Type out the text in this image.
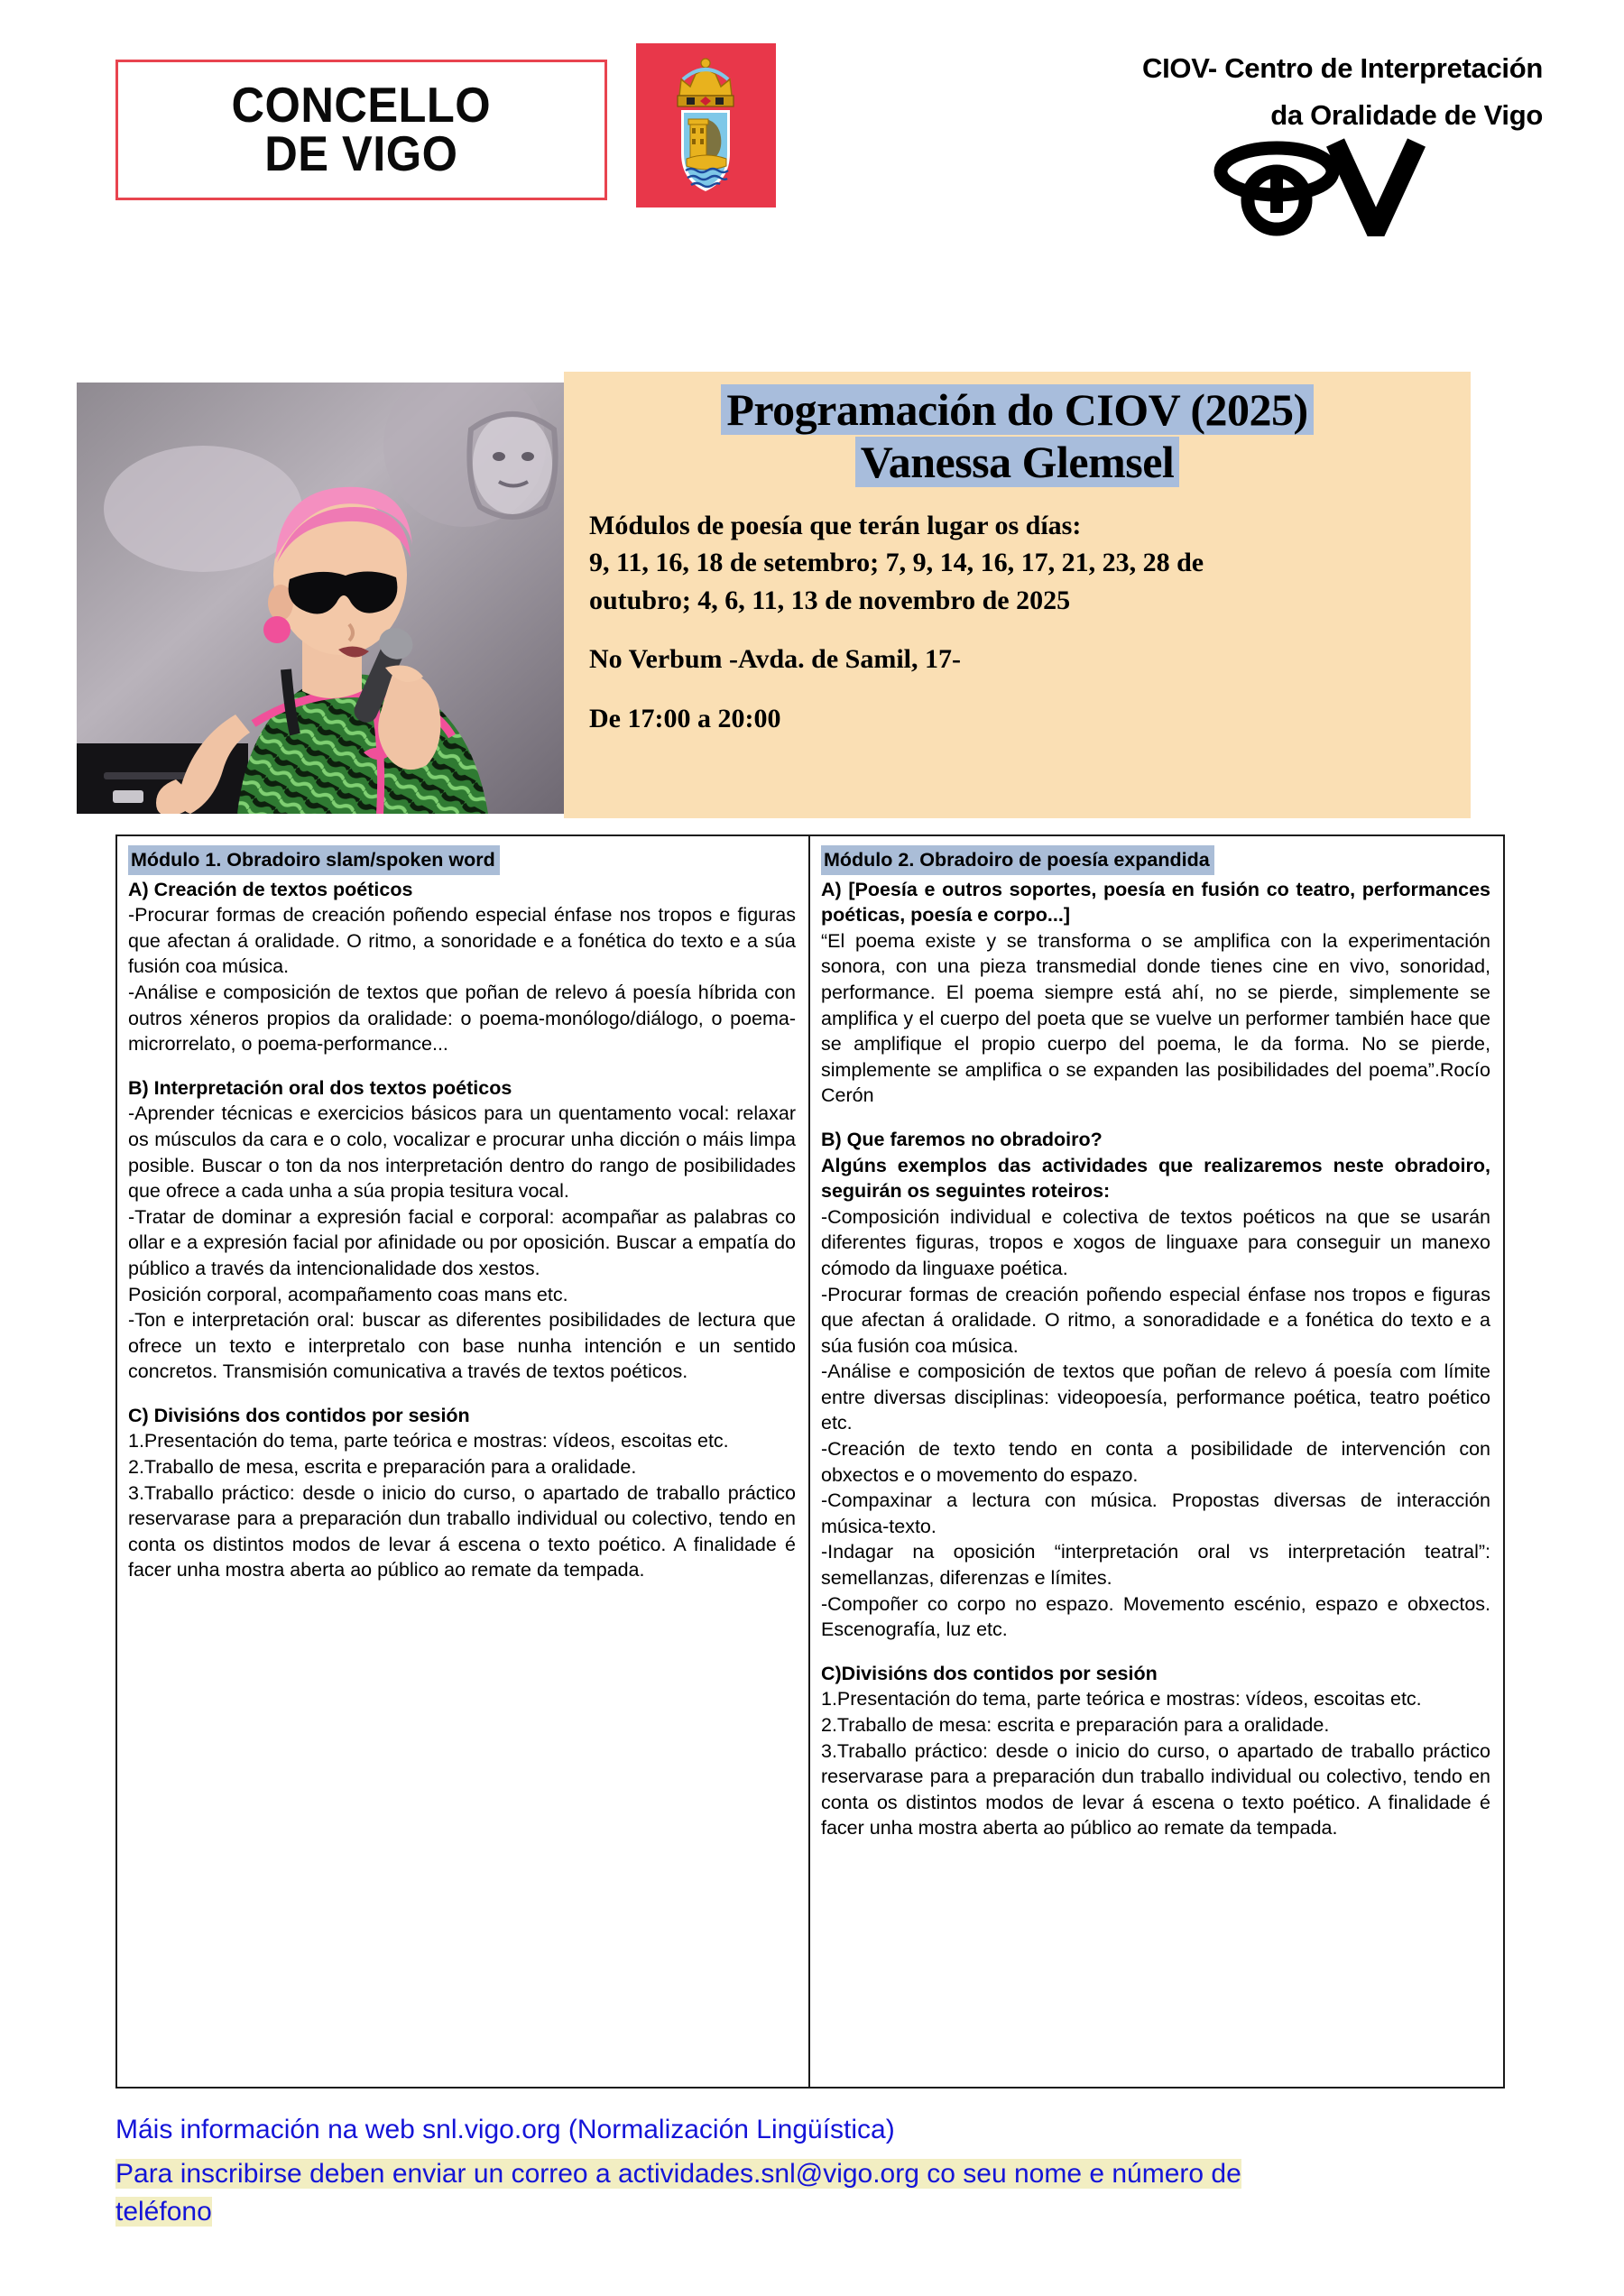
CONCELLO
DE VIGO
CIOV- Centro de Interpretación
da Oralidade de Vigo
Programación do CIOV (2025)
Vanessa Glemsel

Módulos de poesía que terán lugar os días:

9, 11, 16, 18 de setembro; 7, 9, 14, 16, 17, 21, 23, 28 de

outubro; 4, 6, 11, 13 de novembro de 2025

No Verbum -Avda. de Samil, 17-

De 17:00 a 20:00

Módulo 1. Obradoiro slam/spoken word

A) Creación de textos poéticos

-Procurar formas de creación poñendo especial énfase nos tropos e figuras que afectan á oralidade. O ritmo, a sonoridade e a fonética do texto e a súa fusión coa música.

-Análise e composición de textos que poñan de relevo á poesía híbrida con outros xéneros propios da oralidade: o poema-monólogo/diálogo, o poema-microrrelato, o poema-performance...

B) Interpretación oral dos textos poéticos

-Aprender técnicas e exercicios básicos para un quentamento vocal: relaxar os músculos da cara e o colo, vocalizar e procurar unha dicción o máis limpa posible. Buscar o ton da nos interpretación dentro do rango de posibilidades que ofrece a cada unha a súa propia tesitura vocal.

-Tratar de dominar a expresión facial e corporal: acompañar as palabras co ollar e a expresión facial por afinidade ou por oposición. Buscar a empatía do público a través da intencionalidade dos xestos.

Posición corporal, acompañamento coas mans etc.

-Ton e interpretación oral: buscar as diferentes posibilidades de lectura que ofrece un texto e interpretalo con base nunha intención e un sentido concretos. Transmisión comunicativa a través de textos poéticos.

C) Divisións dos contidos por sesión

1.Presentación do tema, parte teórica e mostras: vídeos, escoitas etc.

2.Traballo de mesa, escrita e preparación para a oralidade.

3.Traballo práctico: desde o inicio do curso, o apartado de traballo práctico reservarase para a preparación dun traballo individual ou colectivo, tendo en conta os distintos modos de levar á escena o texto poético. A finalidade é facer unha mostra aberta ao público ao remate da tempada.

Módulo 2. Obradoiro de poesía expandida

A) [Poesía e outros soportes, poesía en fusión co teatro, performances poéticas, poesía e corpo...]

“El poema existe y se transforma o se amplifica con la experimentación sonora, con una pieza transmedial donde tienes cine en vivo, sonoridad, performance. El poema siempre está ahí, no se pierde, simplemente se amplifica y el cuerpo del poeta que se vuelve un performer también hace que se amplifique el propio cuerpo del poema, le da forma. No se pierde, simplemente se amplifica o se expanden las posibilidades del poema”.Rocío Cerón

B) Que faremos no obradoiro?

Algúns exemplos das actividades que realizaremos neste obradoiro, seguirán os seguintes roteiros:

-Composición individual e colectiva de textos poéticos na que se usarán diferentes figuras, tropos e xogos de linguaxe para conseguir un manexo cómodo da linguaxe poética.

-Procurar formas de creación poñendo especial énfase nos tropos e figuras que afectan á oralidade. O ritmo, a sonoradidade e a fonética do texto e a súa fusión coa música.

-Análise e composición de textos que poñan de relevo á poesía com límite entre diversas disciplinas: videopoesía, performance poética, teatro poético etc.

-Creación de texto tendo en conta a posibilidade de intervención con obxectos e o movemento do espazo.

-Compaxinar a lectura con música. Propostas diversas de interacción música-texto.

-Indagar na oposición “interpretación oral vs interpretación teatral”: semellanzas, diferenzas e límites.

-Compoñer co corpo no espazo. Movemento escénio, espazo e obxectos. Escenografía, luz etc.

C)Divisións dos contidos por sesión

1.Presentación do tema, parte teórica e mostras: vídeos, escoitas etc.

2.Traballo de mesa: escrita e preparación para a oralidade.

3.Traballo práctico: desde o inicio do curso, o apartado de traballo práctico reservarase para a preparación dun traballo individual ou colectivo, tendo en conta os distintos modos de levar á escena o texto poético. A finalidade é facer unha mostra aberta ao público ao remate da tempada.

Máis información na web snl.vigo.org (Normalización Lingüística)

Para inscribirse deben enviar un correo a actividades.snl@vigo.org co seu nome e número de
teléfono
